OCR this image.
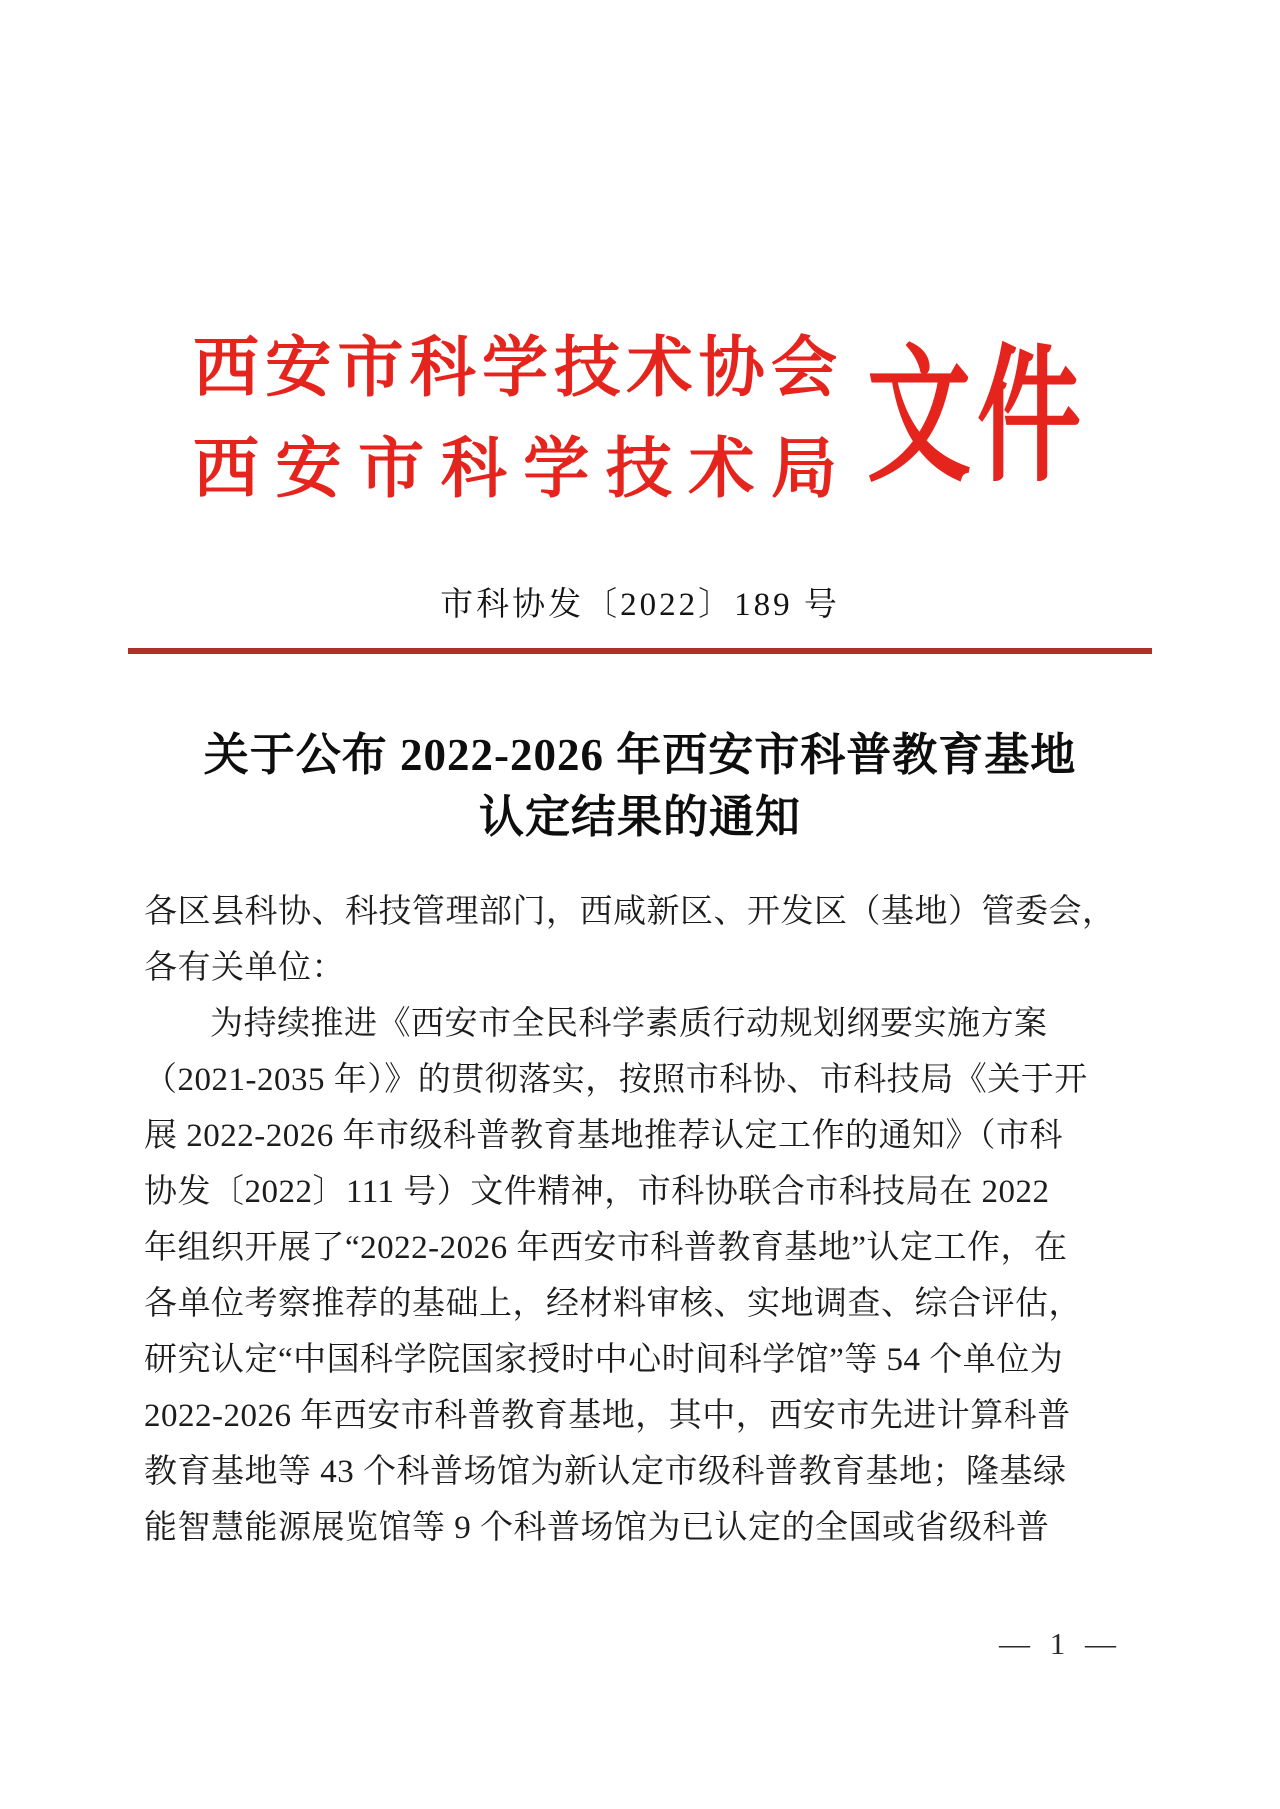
西安市科学技术协会
西安市科学技术局 文件
市科协发〔2022〕189 号
关于公布 2022-2026 年西安市科普教育基地
认定结果的通知
各区县科协、科技管理部门，西咸新区、开发区（基地）管委会，
各有关单位：
为持续推进《西安市全民科学素质行动规划纲要实施方案
（2021-2035 年）》的贯彻落实，按照市科协、市科技局《关于开
展 2022-2026 年市级科普教育基地推荐认定工作的通知》（市科
协发〔2022〕111 号）文件精神，市科协联合市科技局在 2022
年组织开展了“2022-2026 年西安市科普教育基地”认定工作，在
各单位考察推荐的基础上，经材料审核、实地调查、综合评估，
研究认定“中国科学院国家授时中心时间科学馆”等 54 个单位为
2022-2026 年西安市科普教育基地，其中，西安市先进计算科普
教育基地等 43 个科普场馆为新认定市级科普教育基地；隆基绿
能智慧能源展览馆等 9 个科普场馆为已认定的全国或省级科普
— 1 —
